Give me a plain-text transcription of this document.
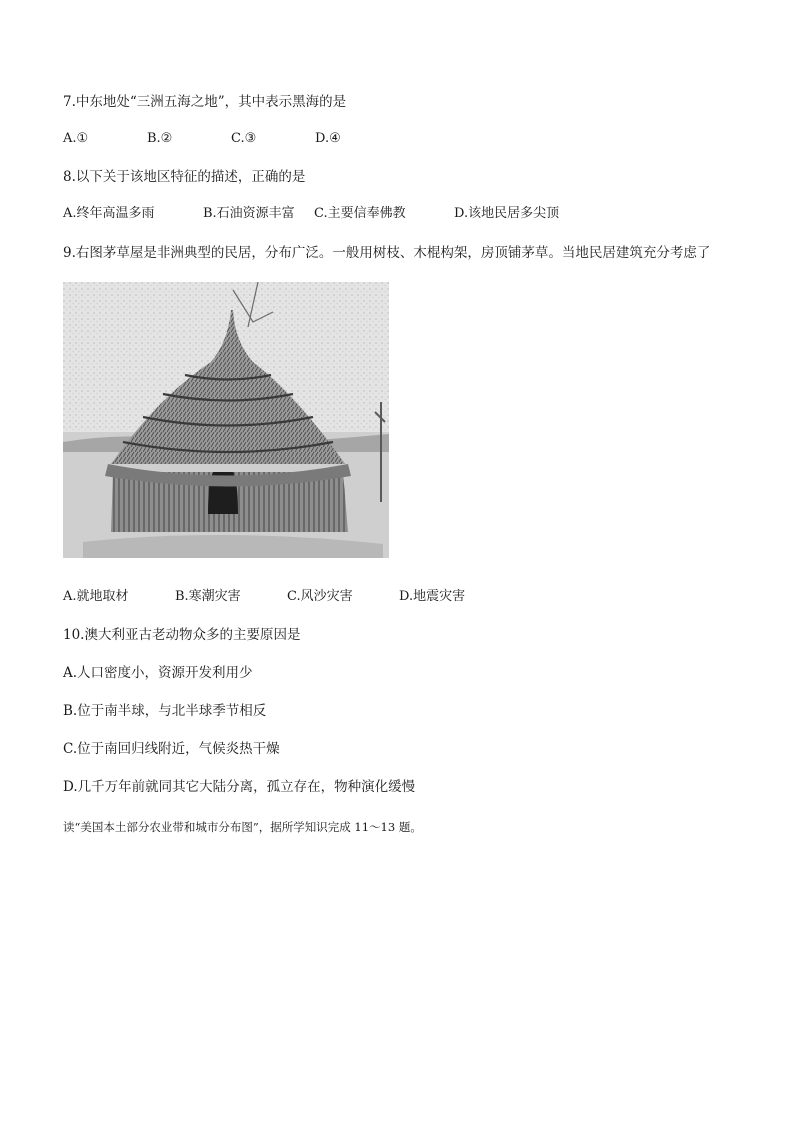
7.中东地处“三洲五海之地”，其中表示黑海的是
A.①	B.②	C.③	D.④
8.以下关于该地区特征的描述，正确的是
A.终年高温多雨	B.石油资源丰富 C.主要信奉佛教	D.该地民居多尖顶
9.右图茅草屋是非洲典型的民居，分布广泛。一般用树枝、木棍构架，房顶铺茅草。当地民居建筑充分考虑了
A.就地取材	B.寒潮灾害	C.风沙灾害	D.地震灾害
10.澳大利亚古老动物众多的主要原因是
A.人口密度小，资源开发利用少
B.位于南半球，与北半球季节相反
C.位于南回归线附近，气候炎热干燥
D.几千万年前就同其它大陆分离，孤立存在，物种演化缓慢
读“美国本土部分农业带和城市分布图”，据所学知识完成 11～13 题。
